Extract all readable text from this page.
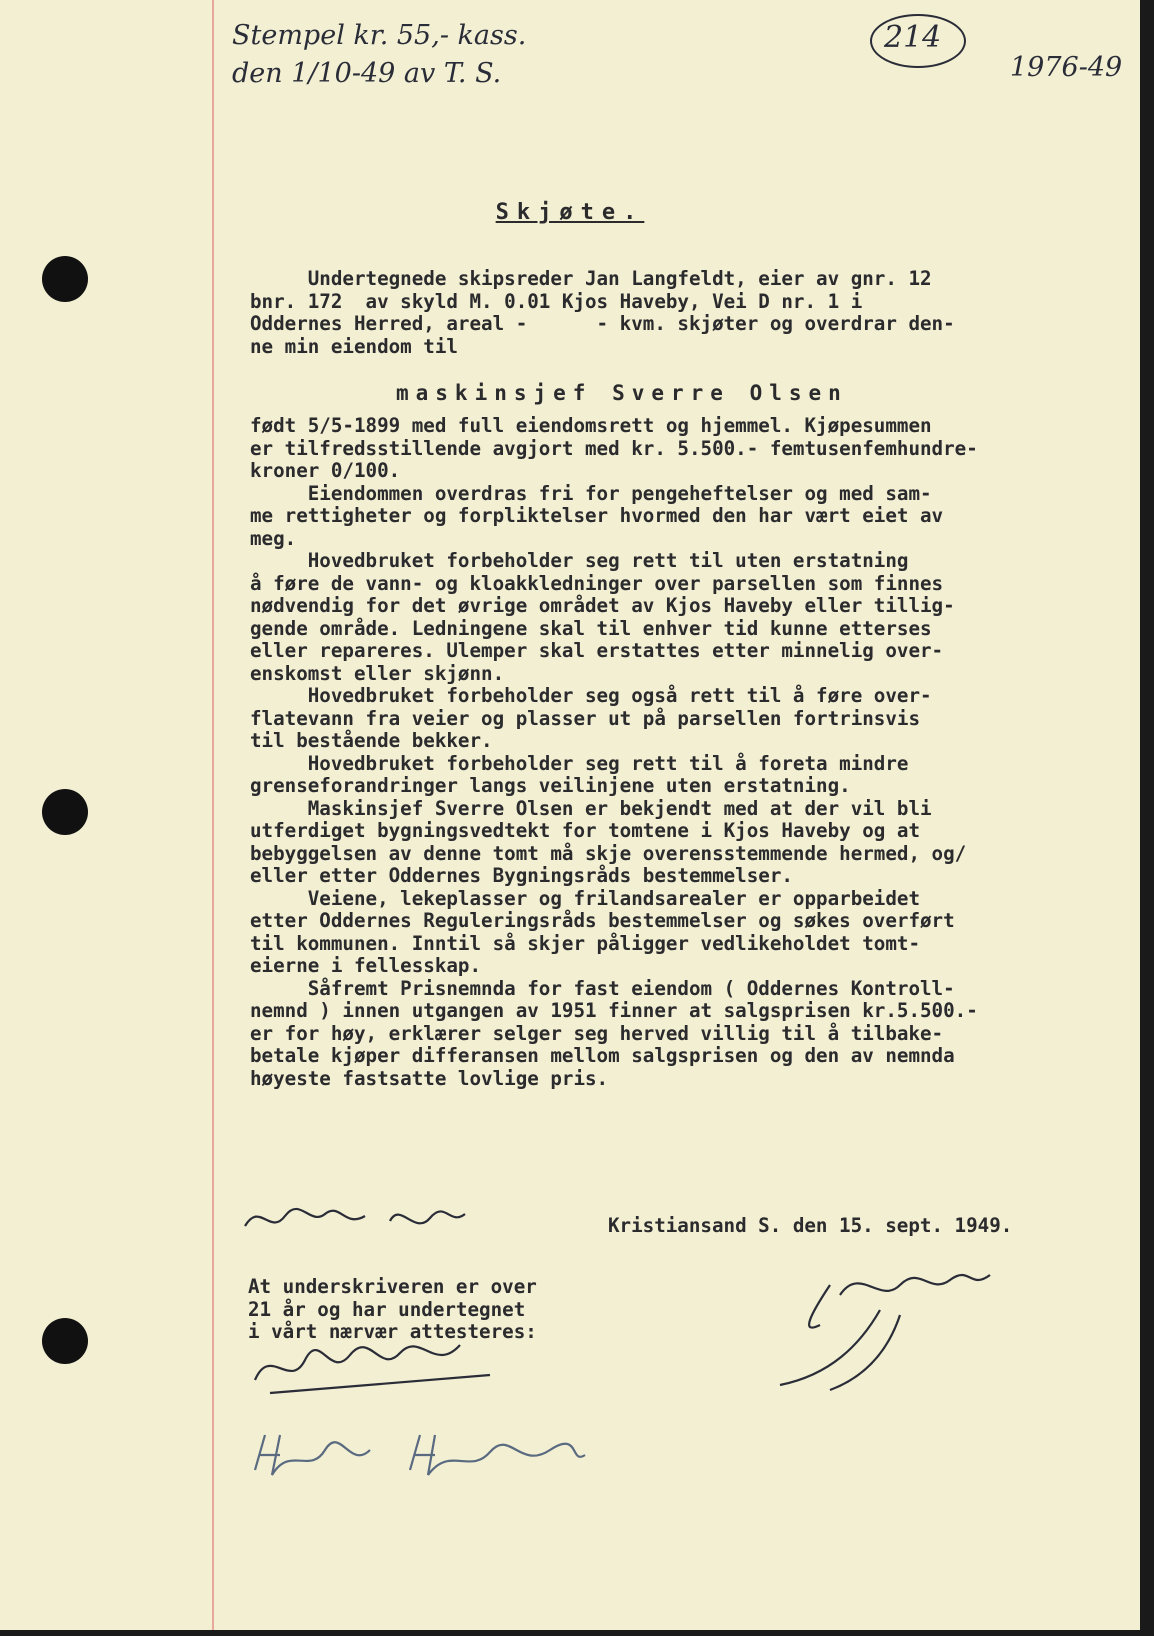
Stempel kr. 55,- kass.
den 1/10-49 av T. S.
214
1976-49
Skjøte.
Undertegnede skipsreder Jan Langfeldt, eier av gnr. 12
bnr. 172  av skyld M. 0.01 Kjos Haveby, Vei D nr. 1 i
Oddernes Herred, areal -      - kvm. skjøter og overdrar den-
ne min eiendom til
maskinsjef Sverre Olsen
født 5/5-1899 med full eiendomsrett og hjemmel. Kjøpesummen
er tilfredsstillende avgjort med kr. 5.500.- femtusenfemhundre-
kroner 0/100.
Eiendommen overdras fri for pengeheftelser og med sam-
me rettigheter og forpliktelser hvormed den har vært eiet av
meg.
Hovedbruket forbeholder seg rett til uten erstatning
å føre de vann- og kloakkledninger over parsellen som finnes
nødvendig for det øvrige området av Kjos Haveby eller tillig-
gende område. Ledningene skal til enhver tid kunne etterses
eller repareres. Ulemper skal erstattes etter minnelig over-
enskomst eller skjønn.
Hovedbruket forbeholder seg også rett til å føre over-
flatevann fra veier og plasser ut på parsellen fortrinsvis
til bestående bekker.
Hovedbruket forbeholder seg rett til å foreta mindre
grenseforandringer langs veilinjene uten erstatning.
Maskinsjef Sverre Olsen er bekjendt med at der vil bli
utferdiget bygningsvedtekt for tomtene i Kjos Haveby og at
bebyggelsen av denne tomt må skje overensstemmende hermed, og/
eller etter Oddernes Bygningsråds bestemmelser.
Veiene, lekeplasser og frilandsarealer er opparbeidet
etter Oddernes Reguleringsråds bestemmelser og søkes overført
til kommunen. Inntil så skjer påligger vedlikeholdet tomt-
eierne i fellesskap.
Såfremt Prisnemnda for fast eiendom ( Oddernes Kontroll-
nemnd ) innen utgangen av 1951 finner at salgsprisen kr.5.500.-
er for høy, erklærer selger seg herved villig til å tilbake-
betale kjøper differansen mellom salgsprisen og den av nemnda
høyeste fastsatte lovlige pris.
Kristiansand S. den 15. sept. 1949.
At underskriveren er over
21 år og har undertegnet
i vårt nærvær attesteres:
